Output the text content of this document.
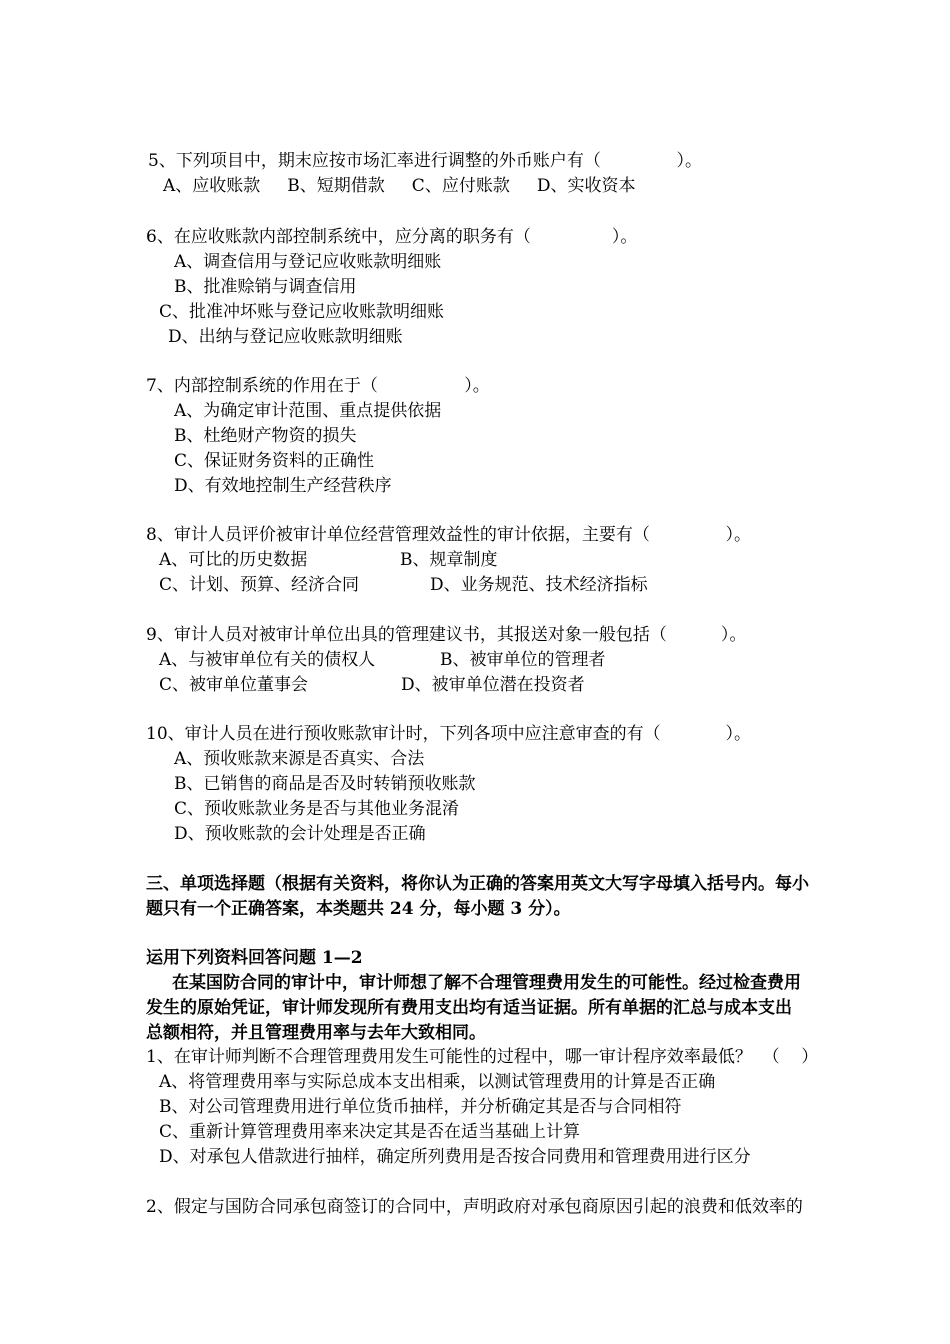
5、下列项目中，期末应按市场汇率进行调整的外币账户有（              ）。
A、应收账款     B、短期借款     C、应付账款     D、实收资本
6、在应收账款内部控制系统中，应分离的职务有（               ）。
A、调查信用与登记应收账款明细账
B、批准赊销与调查信用
C、批准冲坏账与登记应收账款明细账
D、出纳与登记应收账款明细账
7、内部控制系统的作用在于（                ）。
A、为确定审计范围、重点提供依据
B、杜绝财产物资的损失
C、保证财务资料的正确性
D、有效地控制生产经营秩序
8、审计人员评价被审计单位经营管理效益性的审计依据，主要有（              ）。
A、可比的历史数据	B、规章制度
C、计划、预算、经济合同	D、业务规范、技术经济指标
9、审计人员对被审计单位出具的管理建议书，其报送对象一般包括（          ）。
A、与被审单位有关的债权人	B、被审单位的管理者
C、被审单位董事会	D、被审单位潜在投资者
10、审计人员在进行预收账款审计时，下列各项中应注意审查的有（            ）。
A、预收账款来源是否真实、合法
B、已销售的商品是否及时转销预收账款
C、预收账款业务是否与其他业务混淆
D、预收账款的会计处理是否正确
三、单项选择题（根据有关资料，将你认为正确的答案用英文大写字母填入括号内。每小
题只有一个正确答案，本类题共 24 分，每小题 3 分）。
运用下列资料回答问题 1—2
在某国防合同的审计中，审计师想了解不合理管理费用发生的可能性。经过检查费用
发生的原始凭证，审计师发现所有费用支出均有适当证据。所有单据的汇总与成本支出
总额相符，并且管理费用率与去年大致相同。
1、在审计师判断不合理管理费用发生可能性的过程中，哪一审计程序效率最低？  （    ）
A、将管理费用率与实际总成本支出相乘，以测试管理费用的计算是否正确
B、对公司管理费用进行单位货币抽样，并分析确定其是否与合同相符
C、重新计算管理费用率来决定其是否在适当基础上计算
D、对承包人借款进行抽样，确定所列费用是否按合同费用和管理费用进行区分
2、假定与国防合同承包商签订的合同中，声明政府对承包商原因引起的浪费和低效率的
